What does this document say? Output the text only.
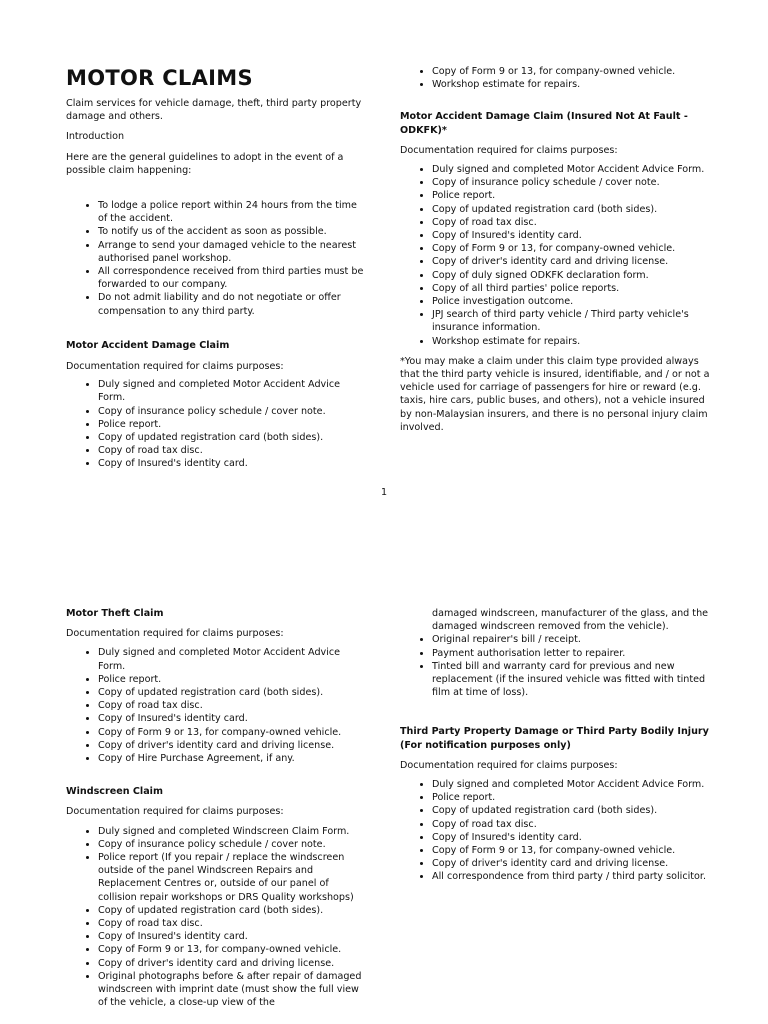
MOTOR CLAIMS

Claim services for vehicle damage, theft, third party property damage and others.

Introduction

Here are the general guidelines to adopt in the event of a possible claim happening:

• To lodge a police report within 24 hours from the time of the accident.
• To notify us of the accident as soon as possible.
• Arrange to send your damaged vehicle to the nearest authorised panel workshop.
• All correspondence received from third parties must be forwarded to our company.
• Do not admit liability and do not negotiate or offer compensation to any third party.
Motor Accident Damage Claim

Documentation required for claims purposes:

• Duly signed and completed Motor Accident Advice Form.
• Copy of insurance policy schedule / cover note.
• Police report.
• Copy of updated registration card (both sides).
• Copy of road tax disc.
• Copy of Insured's identity card.
• Copy of Form 9 or 13, for company-owned vehicle.
• Workshop estimate for repairs.
Motor Accident Damage Claim (Insured Not At Fault - ODKFK)*

Documentation required for claims purposes:

• Duly signed and completed Motor Accident Advice Form.
• Copy of insurance policy schedule / cover note.
• Police report.
• Copy of updated registration card (both sides).
• Copy of road tax disc.
• Copy of Insured's identity card.
• Copy of Form 9 or 13, for company-owned vehicle.
• Copy of driver's identity card and driving license.
• Copy of duly signed ODKFK declaration form.
• Copy of all third parties' police reports.
• Police investigation outcome.
• JPJ search of third party vehicle / Third party vehicle's insurance information.
• Workshop estimate for repairs.

*You may make a claim under this claim type provided always that the third party vehicle is insured, identifiable, and / or not a vehicle used for carriage of passengers for hire or reward (e.g. taxis, hire cars, public buses, and others), not a vehicle insured by non-Malaysian insurers, and there is no personal injury claim involved.

1
Motor Theft Claim

Documentation required for claims purposes:

• Duly signed and completed Motor Accident Advice Form.
• Police report.
• Copy of updated registration card (both sides).
• Copy of road tax disc.
• Copy of Insured's identity card.
• Copy of Form 9 or 13, for company-owned vehicle.
• Copy of driver's identity card and driving license.
• Copy of Hire Purchase Agreement, if any.
Windscreen Claim

Documentation required for claims purposes:

• Duly signed and completed Windscreen Claim Form.
• Copy of insurance policy schedule / cover note.
• Police report (If you repair / replace the windscreen outside of the panel Windscreen Repairs and Replacement Centres or, outside of our panel of collision repair workshops or DRS Quality workshops)
• Copy of updated registration card (both sides).
• Copy of road tax disc.
• Copy of Insured's identity card.
• Copy of Form 9 or 13, for company-owned vehicle.
• Copy of driver's identity card and driving license.
• Original photographs before & after repair of damaged windscreen with imprint date (must show the full view of the vehicle, a close-up view of the

damaged windscreen, manufacturer of the glass, and the damaged windscreen removed from the vehicle).

• Original repairer's bill / receipt.
• Payment authorisation letter to repairer.
• Tinted bill and warranty card for previous and new replacement (if the insured vehicle was fitted with tinted film at time of loss).
Third Party Property Damage or Third Party Bodily Injury (For notification purposes only)

Documentation required for claims purposes:

• Duly signed and completed Motor Accident Advice Form.
• Police report.
• Copy of updated registration card (both sides).
• Copy of road tax disc.
• Copy of Insured's identity card.
• Copy of Form 9 or 13, for company-owned vehicle.
• Copy of driver's identity card and driving license.
• All correspondence from third party / third party solicitor.
